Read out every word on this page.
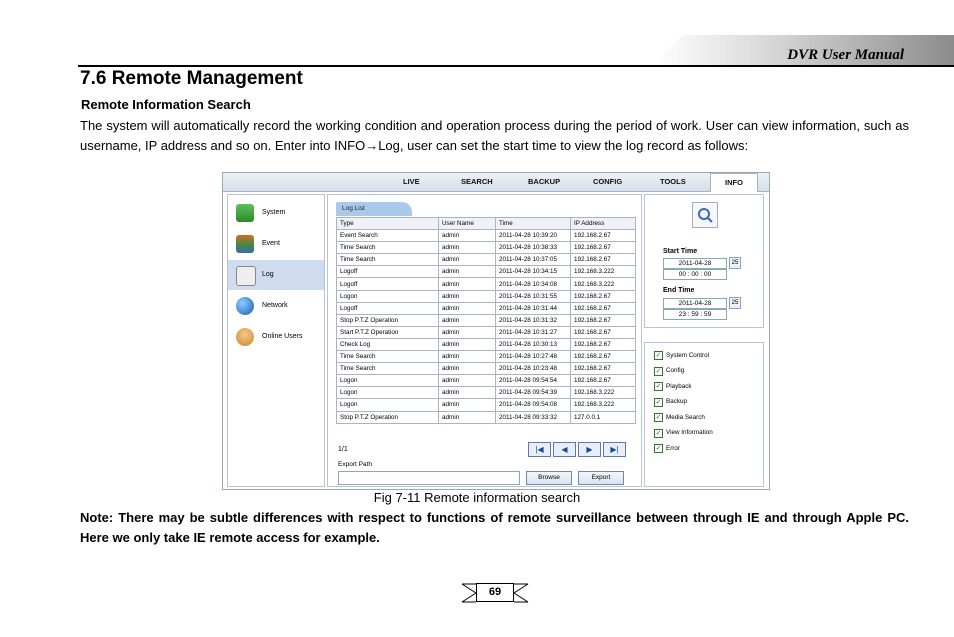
DVR User Manual
7.6 Remote Management
Remote Information Search
The system will automatically record the working condition and operation process during the period of work. User can view information, such as username, IP address and so on. Enter into INFO→Log, user can set the start time to view the log record as follows:
LIVE	SEARCH	BACKUP	CONFIG	TOOLS	INFO
System
Event
Log
Network
Online Users
Log List
Type	User Name	Time	IP Address
Event Search	admin	2011-04-28 10:39:20	192.168.2.67
Time Search	admin	2011-04-28 10:38:33	192.168.2.67
Time Search	admin	2011-04-28 10:37:05	192.168.2.67
Logoff	admin	2011-04-28 10:34:15	192.168.3.222
Logoff	admin	2011-04-28 10:34:08	192.168.3.222
Logon	admin	2011-04-28 10:31:55	192.168.2.67
Logoff	admin	2011-04-28 10:31:44	192.168.2.67
Stop P.T.Z Operation	admin	2011-04-28 10:31:32	192.168.2.67
Start P.T.Z Operation	admin	2011-04-28 10:31:27	192.168.2.67
Check Log	admin	2011-04-28 10:30:13	192.168.2.67
Time Search	admin	2011-04-28 10:27:48	192.168.2.67
Time Search	admin	2011-04-28 10:23:48	192.168.2.67
Logon	admin	2011-04-28 09:54:54	192.168.2.67
Logon	admin	2011-04-28 09:54:39	192.168.3.222
Logon	admin	2011-04-28 09:54:08	192.168.3.222
Stop P.T.Z Operation	admin	2011-04-28 09:33:32	127.0.0.1
1/1	|◀	◀	▶	▶|
Export Path
Browse	Export
Start Time
2011-04-28	25
00 : 00 : 00
End Time
2011-04-28	25
23 : 59 : 59
✓ System Control
✓ Config
✓ Playback
✓ Backup
✓ Media Search
✓ View Information
✓ Error
Fig 7-11 Remote information search
Note: There may be subtle differences with respect to functions of remote surveillance between through IE and through Apple PC. Here we only take IE remote access for example.
69
